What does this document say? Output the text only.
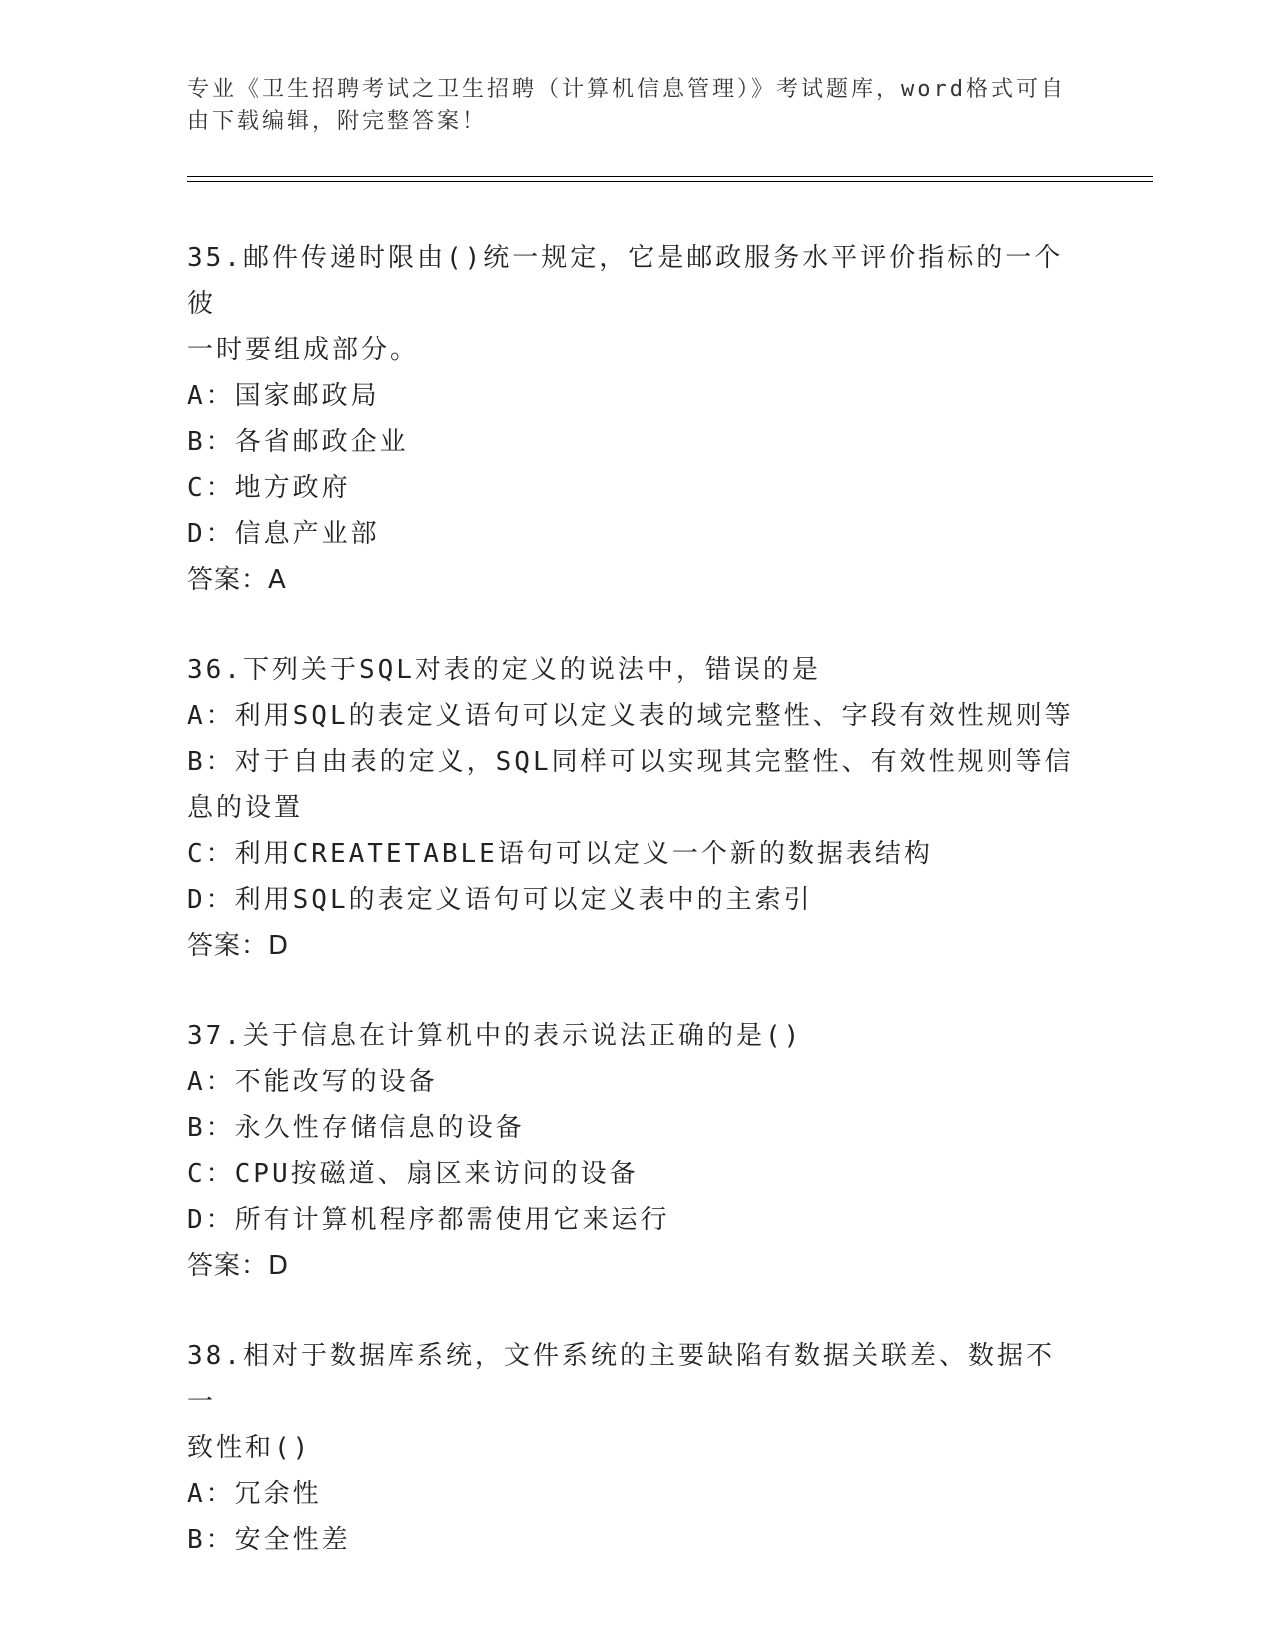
专业《卫生招聘考试之卫生招聘（计算机信息管理）》考试题库，word格式可自
由下载编辑，附完整答案！

35.邮件传递时限由()统一规定，它是邮政服务水平评价指标的一个彼

一时要组成部分。

A：国家邮政局

B：各省邮政企业

C：地方政府

D：信息产业部

答案：A

36.下列关于SQL对表的定义的说法中，错误的是

A：利用SQL的表定义语句可以定义表的域完整性、字段有效性规则等

B：对于自由表的定义，SQL同样可以实现其完整性、有效性规则等信

息的设置

C：利用CREATETABLE语句可以定义一个新的数据表结构

D：利用SQL的表定义语句可以定义表中的主索引

答案：D

37.关于信息在计算机中的表示说法正确的是()

A：不能改写的设备

B：永久性存储信息的设备

C：CPU按磁道、扇区来访问的设备

D：所有计算机程序都需使用它来运行

答案：D

38.相对于数据库系统，文件系统的主要缺陷有数据关联差、数据不一

致性和()

A：冗余性

B：安全性差
